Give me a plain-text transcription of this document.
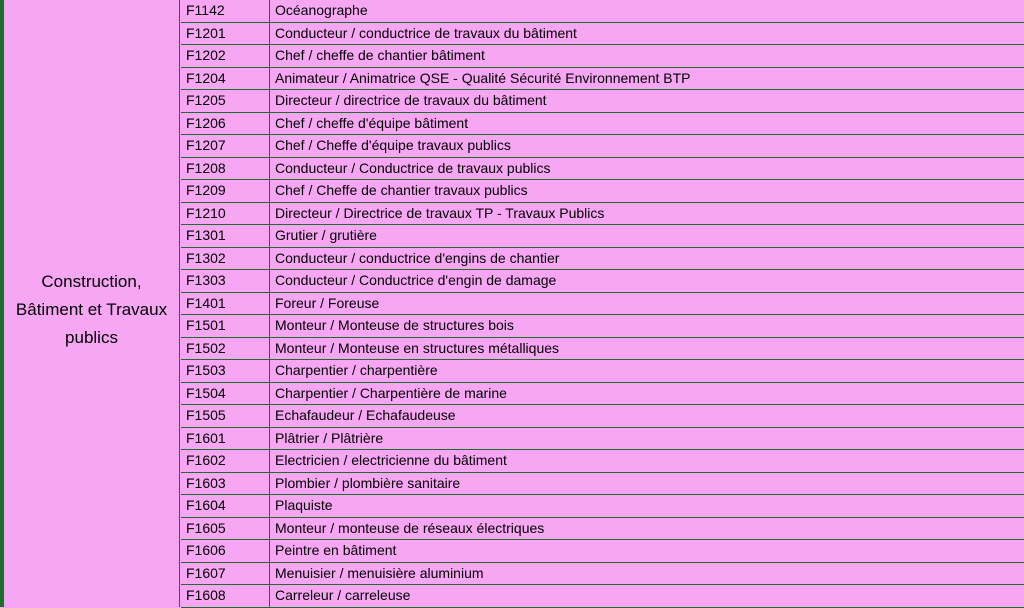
Construction,
Bâtiment et Travaux
publics
F1142	Océanographe
F1201	Conducteur / conductrice de travaux du bâtiment
F1202	Chef / cheffe de chantier bâtiment
F1204	Animateur / Animatrice QSE - Qualité Sécurité Environnement BTP
F1205	Directeur / directrice de travaux du bâtiment
F1206	Chef / cheffe d'équipe bâtiment
F1207	Chef / Cheffe d'équipe travaux publics
F1208	Conducteur / Conductrice de travaux publics
F1209	Chef / Cheffe de chantier travaux publics
F1210	Directeur / Directrice de travaux TP - Travaux Publics
F1301	Grutier / grutière
F1302	Conducteur / conductrice d'engins de chantier
F1303	Conducteur / Conductrice d'engin de damage
F1401	Foreur / Foreuse
F1501	Monteur / Monteuse de structures bois
F1502	Monteur / Monteuse en structures métalliques
F1503	Charpentier / charpentière
F1504	Charpentier / Charpentière de marine
F1505	Echafaudeur / Echafaudeuse
F1601	Plâtrier / Plâtrière
F1602	Electricien / electricienne du bâtiment
F1603	Plombier / plombière sanitaire
F1604	Plaquiste
F1605	Monteur / monteuse de réseaux électriques
F1606	Peintre en bâtiment
F1607	Menuisier / menuisière aluminium
F1608	Carreleur / carreleuse
